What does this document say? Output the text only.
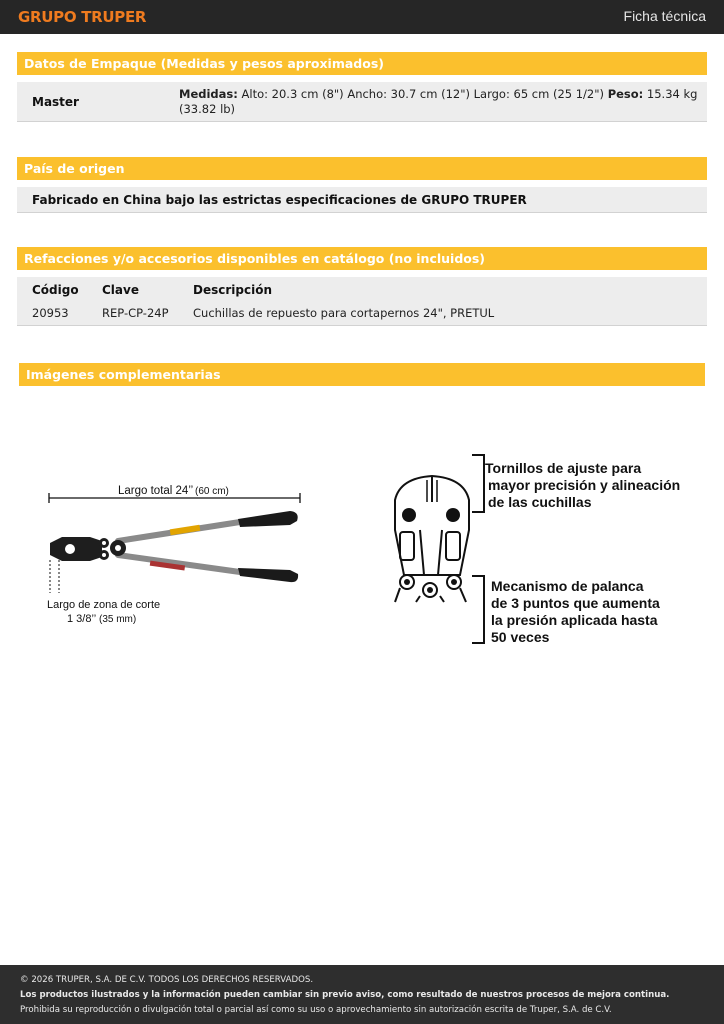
GRUPO TRUPER	Ficha técnica
Datos de Empaque (Medidas y pesos aproximados)
Master
Medidas: Alto: 20.3 cm (8") Ancho: 30.7 cm (12") Largo: 65 cm (25 1/2") Peso: 15.34 kg
(33.82 lb)
País de origen
Fabricado en China bajo las estrictas especificaciones de GRUPO TRUPER
Refacciones y/o accesorios disponibles en catálogo (no incluidos)
Código Clave	Descripción
20953	REP-CP-24P Cuchillas de repuesto para cortapernos 24", PRETUL
Imágenes complementarias
Largo total 24’’ (60 cm)
Largo de zona de corte
1 3/8’’ (35 mm)
Tornillos de ajuste para
mayor precisión y alineación
de las cuchillas
Mecanismo de palanca
de 3 puntos que aumenta
la presión aplicada hasta
50 veces
© 2026 TRUPER, S.A. DE C.V. TODOS LOS DERECHOS RESERVADOS.
Los productos ilustrados y la información pueden cambiar sin previo aviso, como resultado de nuestros procesos de mejora continua.
Prohibida su reproducción o divulgación total o parcial así como su uso o aprovechamiento sin autorización escrita de Truper, S.A. de C.V.
